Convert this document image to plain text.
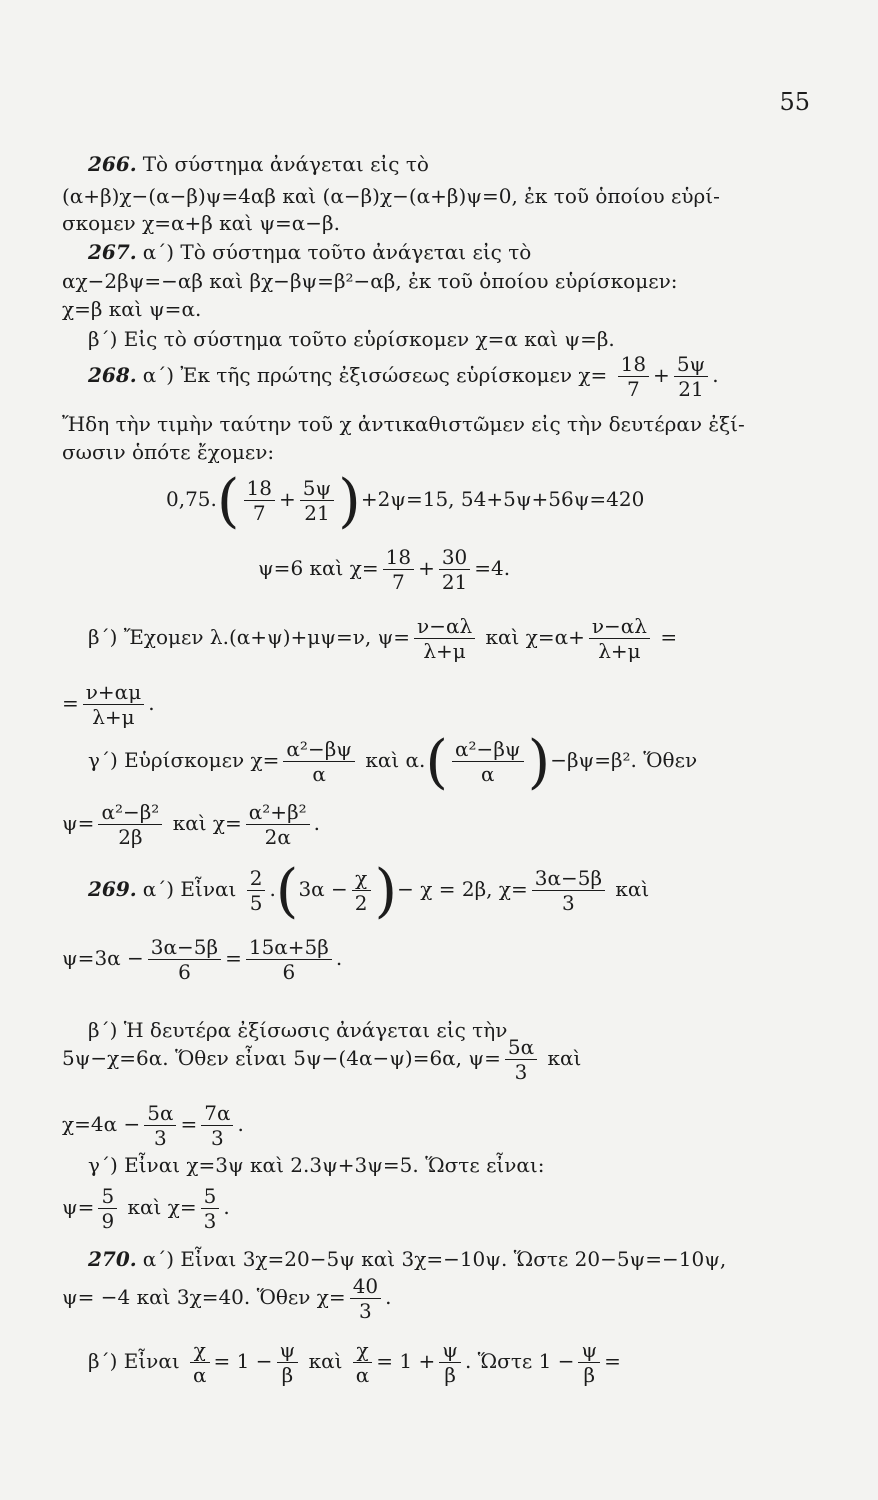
55
266. Τὸ σύστημα ἀνάγεται εἰς τὸ
(α+β)χ−(α−β)ψ=4αβ καὶ (α−β)χ−(α+β)ψ=0, ἐκ τοῦ ὁποίου εὑρί-
σκομεν χ=α+β καὶ ψ=α−β.
267. α΄) Τὸ σύστημα τοῦτο ἀνάγεται εἰς τὸ
αχ−2βψ=−αβ καὶ βχ−βψ=β²−αβ, ἐκ τοῦ ὁποίου εὑρίσκομεν:
χ=β καὶ ψ=α.
β΄) Εἰς τὸ σύστημα τοῦτο εὑρίσκομεν χ=α καὶ ψ=β.
268. α΄) Ἐκ τῆς πρώτης ἐξισώσεως εὑρίσκομεν $\chi= \frac{18}{7} + \frac{5\psi}{21}$ .
Ἤδη τὴν τιμὴν ταύτην τοῦ χ ἀντικαθιστῶμεν εἰς τὴν δευτέραν ἐξί-
σωσιν ὁπότε ἔχομεν:
$0,75.( \frac{18}{7} + \frac{5\psi}{21} )+2\psi=15$, 54+5ψ+56ψ=420
ψ=6 καὶ $\chi= \frac{18}{7} + \frac{30}{21} =4$.
β΄) Ἔχομεν λ.(α+ψ)+μψ=ν, $\psi= \frac{\nu-\alpha\lambda}{\lambda+\mu}$ καὶ $\chi=\alpha+ \frac{\nu-\alpha\lambda}{\lambda+\mu}$ =
= $\frac{\nu+\alpha\mu}{\lambda+\mu}$ .
γ΄) Εὑρίσκομεν $\chi= \frac{\text{α²−βψ}}{\alpha}$ καὶ $\alpha.( \frac{\text{α²−βψ}}{\alpha} )-\beta\psi=\beta^2$. Ὅθεν
$\psi= \frac{\text{α²−β²}}{2\beta}$ καὶ $\chi= \frac{\text{α²+β²}}{2\alpha}$ .
269. α΄) Εἶναι $\frac{2}{5} .(3\alpha - \frac{\chi}{2}$ )− χ = 2β, $\chi= \frac{3\alpha-5\beta}{3}$ καὶ
$\psi=3\alpha - \frac{3\alpha-5\beta}{6} = \frac{15\alpha+5\beta}{6}$ .
β΄) Ἡ δευτέρα ἐξίσωσις ἀνάγεται εἰς τὴν
5ψ−χ=6α. Ὅθεν εἶναι 5ψ−(4α−ψ)=6α, $\psi= \frac{5\alpha}{3}$ καὶ
$\chi=4\alpha - \frac{5\alpha}{3} = \frac{7\alpha}{3}$ .
γ΄) Εἶναι χ=3ψ καὶ 2.3ψ+3ψ=5. Ὥστε εἶναι:
$\psi= \frac{5}{9}$ καὶ $\chi= \frac{5}{3}$ .
270. α΄) Εἶναι 3χ=20−5ψ καὶ 3χ=−10ψ. Ὥστε 20−5ψ=−10ψ,
ψ= −4 καὶ 3χ=40. Ὅθεν $\chi= \frac{40}{3}$ .
β΄) Εἶναι $\frac{\chi}{\alpha} = 1 - \frac{\psi}{\beta}$ καὶ $\frac{\chi}{\alpha} = 1 + \frac{\psi}{\beta}$ . Ὥστε $1 - \frac{\psi}{\beta}$ =
